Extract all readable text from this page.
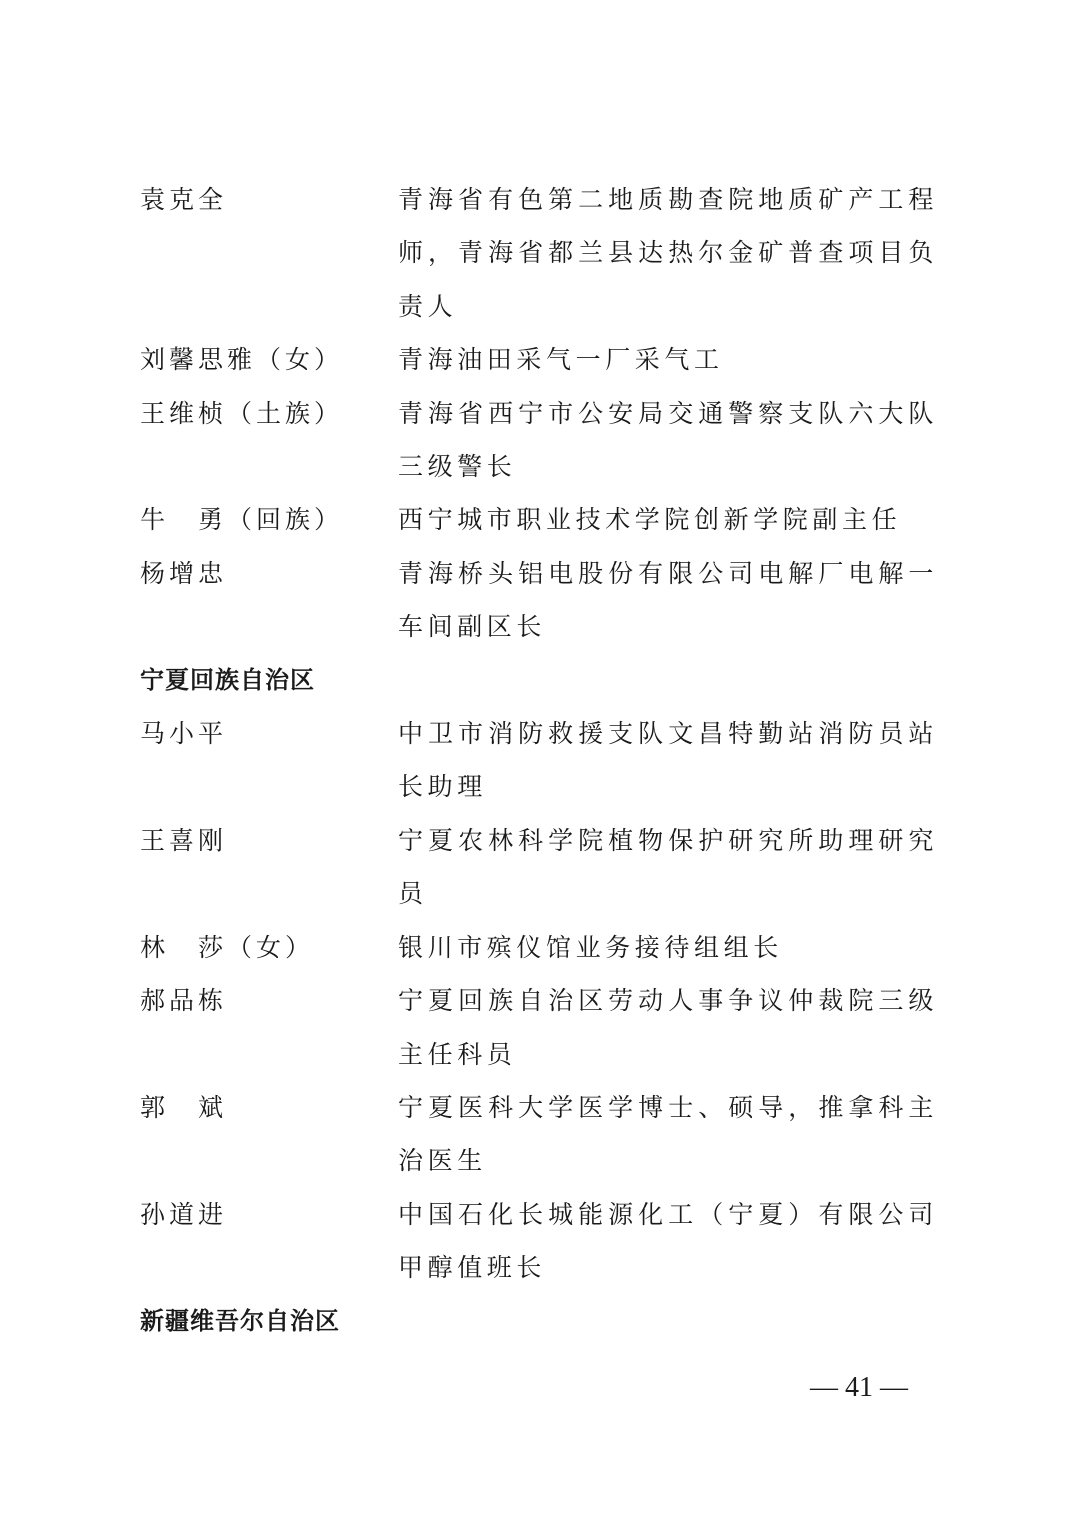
袁克全	青海省有色第二地质勘查院地质矿产工程师，青海省都兰县达热尔金矿普查项目负责人
刘馨思雅（女）	青海油田采气一厂采气工
王维桢（土族）	青海省西宁市公安局交通警察支队六大队三级警长
牛　勇（回族）	西宁城市职业技术学院创新学院副主任
杨增忠	青海桥头铝电股份有限公司电解厂电解一车间副区长
宁夏回族自治区
马小平	中卫市消防救援支队文昌特勤站消防员站长助理
王喜刚	宁夏农林科学院植物保护研究所助理研究员
林　莎（女）	银川市殡仪馆业务接待组组长
郝品栋	宁夏回族自治区劳动人事争议仲裁院三级主任科员
郭　斌	宁夏医科大学医学博士、硕导，推拿科主治医生
孙道进	中国石化长城能源化工（宁夏）有限公司甲醇值班长
新疆维吾尔自治区
— 41 —
